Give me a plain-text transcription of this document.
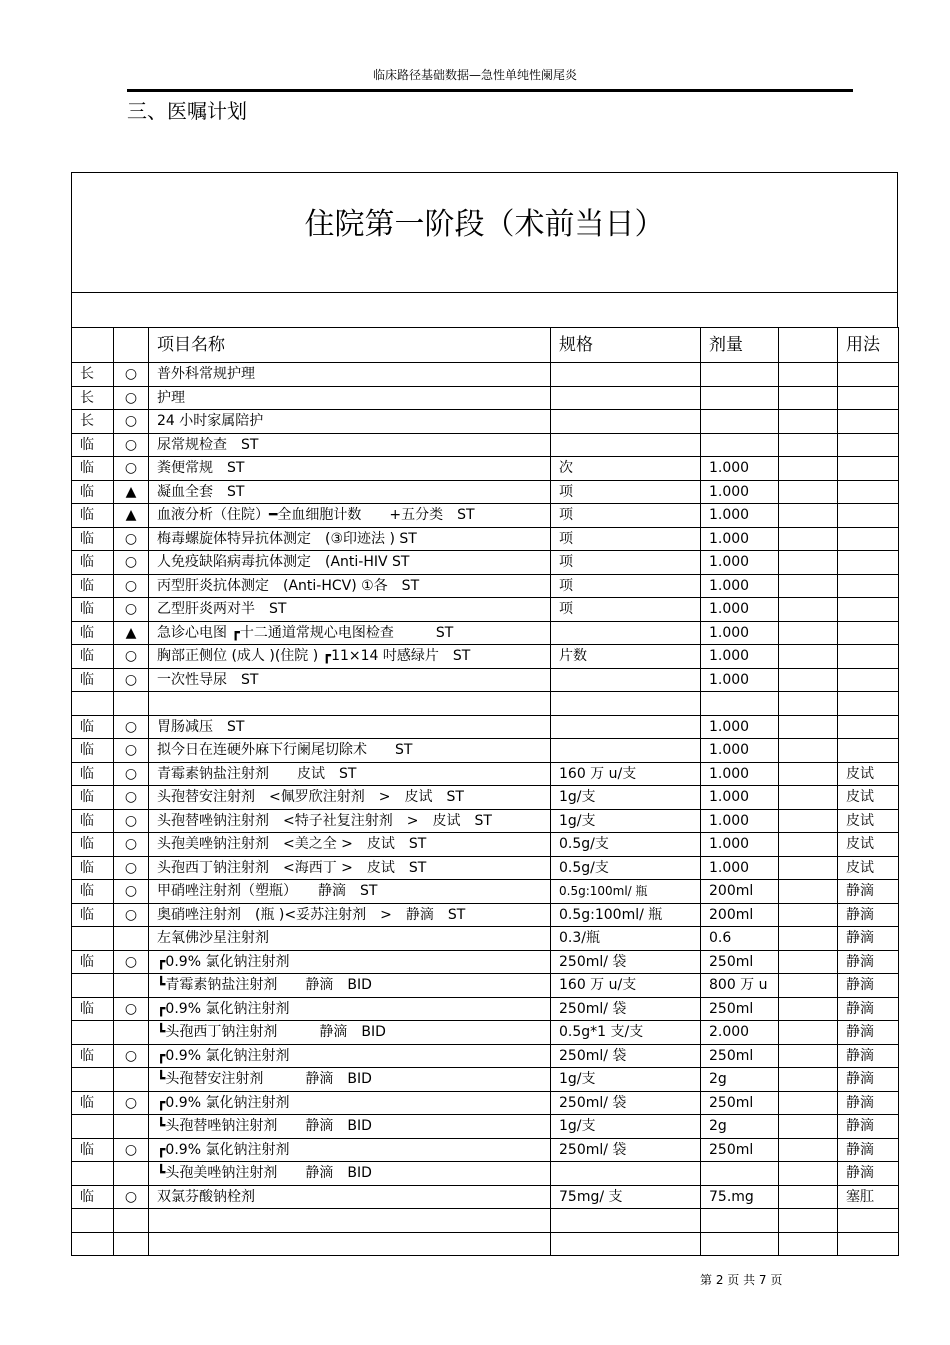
临床路径基础数据—急性单纯性阑尾炎
三、医嘱计划
住院第一阶段（术前当日）
		项目名称	规格	剂量		用法
长	○	普外科常规护理				
长	○	护理				
长	○	24 小时家属陪护				
临	○	尿常规检查　ST				
临	○	粪便常规　ST	次	1.000		
临	▲	凝血全套　ST	项	1.000		
临	▲	血液分析（住院）━全血细胞计数　　+五分类　ST	项	1.000		
临	○	梅毒螺旋体特异抗体测定　(③印迹法 ) ST	项	1.000		
临	○	人免疫缺陷病毒抗体测定　(Anti-HIV ST	项	1.000		
临	○	丙型肝炎抗体测定　(Anti-HCV) ①各　ST	项	1.000		
临	○	乙型肝炎两对半　ST	项	1.000		
临	▲	急诊心电图 ┏十二通道常规心电图检查　　　ST		1.000		
临	○	胸部正侧位 (成人 )(住院 ) ┏11×14 吋感绿片　ST	片数	1.000		
临	○	一次性导尿　ST		1.000		

临	○	胃肠减压　ST		1.000		
临	○	拟今日在连硬外麻下行阑尾切除术　　ST		1.000		
临	○	青霉素钠盐注射剂　　皮试　ST	160 万 u/支	1.000		皮试
临	○	头孢替安注射剂　<佩罗欣注射剂　>　皮试　ST	1g/支	1.000		皮试
临	○	头孢替唑钠注射剂　<特子社复注射剂　>　皮试　ST	1g/支	1.000		皮试
临	○	头孢美唑钠注射剂　<美之全 >　皮试　ST	0.5g/支	1.000		皮试
临	○	头孢西丁钠注射剂　<海西丁 >　皮试　ST	0.5g/支	1.000		皮试
临	○	甲硝唑注射剂（塑瓶）　　静滴　ST	0.5g:100ml/ 瓶	200ml		静滴
临	○	奥硝唑注射剂　(瓶 )<妥苏注射剂　>　静滴　ST	0.5g:100ml/ 瓶	200ml		静滴
		左氧佛沙星注射剂	0.3/瓶	0.6		静滴
临	○	┏0.9% 氯化钠注射剂	250ml/ 袋	250ml		静滴
		┗青霉素钠盐注射剂　　静滴　BID	160 万 u/支	800 万 u		静滴
临	○	┏0.9% 氯化钠注射剂	250ml/ 袋	250ml		静滴
		┗头孢西丁钠注射剂　　　静滴　BID	0.5g*1 支/支	2.000		静滴
临	○	┏0.9% 氯化钠注射剂	250ml/ 袋	250ml		静滴
		┗头孢替安注射剂　　　静滴　BID	1g/支	2g		静滴
临	○	┏0.9% 氯化钠注射剂	250ml/ 袋	250ml		静滴
		┗头孢替唑钠注射剂　　静滴　BID	1g/支	2g		静滴
临	○	┏0.9% 氯化钠注射剂	250ml/ 袋	250ml		静滴
		┗头孢美唑钠注射剂　　静滴　BID				静滴
临	○	双氯芬酸钠栓剂	75mg/ 支	75.mg		塞肛

第 2 页 共 7 页
